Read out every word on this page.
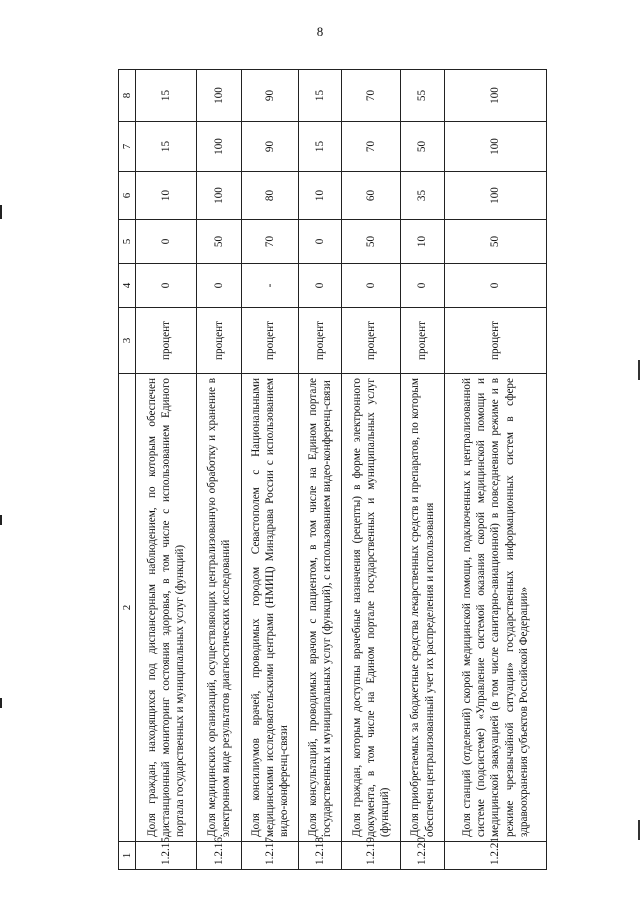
8
1	2	3	4	5	6	7	8
1.2.15.	Доля граждан, находящихся под диспансерным наблюдением, по которым обеспечен дистанционный мониторинг состояния здоровья, в том числе с использованием Единого портала государственных и муниципальных услуг (функций)	процент	0	0	10	15	15
1.2.16.	Доля медицинских организаций, осуществляющих централизованную обработку и хранение в электронном виде результатов диагностических исследований	процент	0	50	100	100	100
1.2.17.	Доля консилиумов врачей, проводимых городом Севастополем с Национальными медицинскими исследовательскими центрами (НМИЦ) Минздрава России с использованием видео-конференц-связи	процент	-	70	80	90	90
1.2.18.	Доля консультаций, проводимых врачом с пациентом, в том числе на Едином портале государственных и муниципальных услуг (функций), с использованием видео-конференц-связи	процент	0	0	10	15	15
1.2.19.	Доля граждан, которым доступны врачебные назначения (рецепты) в форме электронного документа, в том числе на Едином портале государственных и муниципальных услуг (функций)	процент	0	50	60	70	70
1.2.20.	Доля приобретаемых за бюджетные средства лекарственных средств и препаратов, по которым обеспечен централизованный учет их распределения и использования	процент	0	10	35	50	55
1.2.21.	Доля станций (отделений) скорой медицинской помощи, подключенных к централизованной системе (подсистеме) «Управление системой оказания скорой медицинской помощи и медицинской эвакуацией (в том числе санитарно-авиационной) в повседневном режиме и в режиме чрезвычайной ситуации» государственных информационных систем в сфере здравоохранения субъектов Российской Федерации»	процент	0	50	100	100	100
